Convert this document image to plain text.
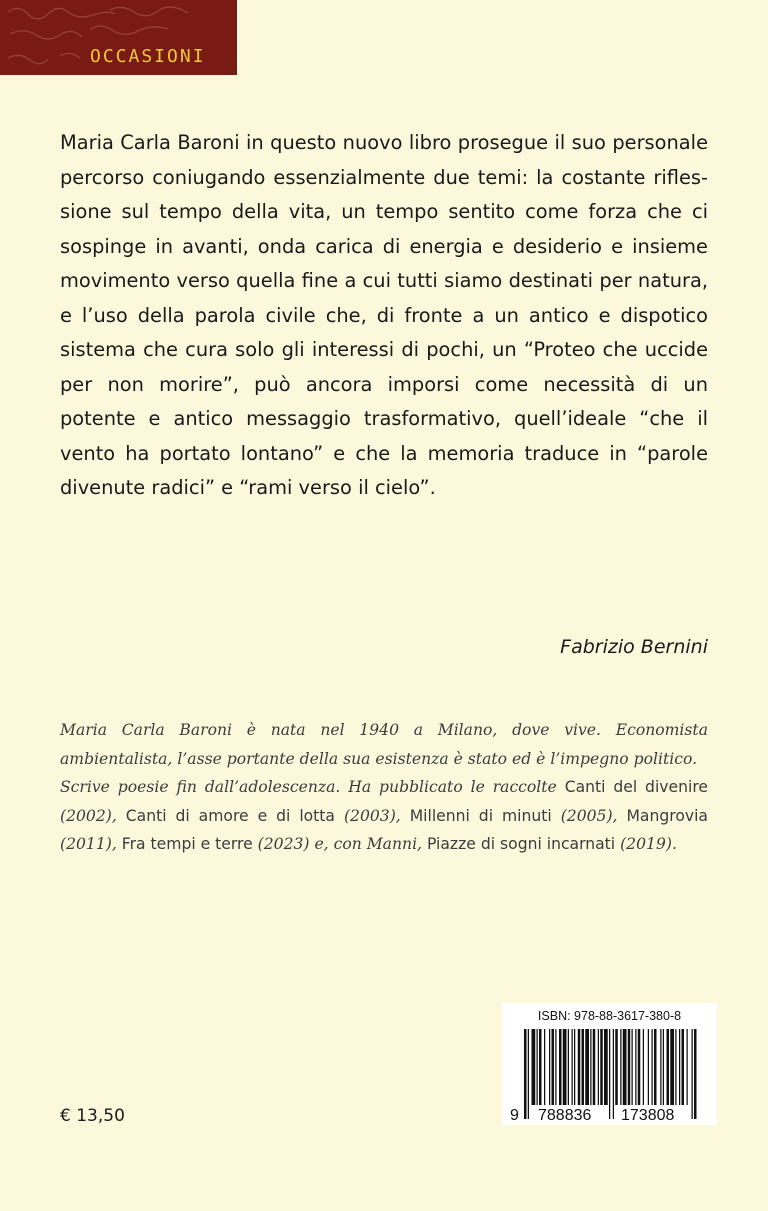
OCCASIONI

Maria Carla Baroni in questo nuovo libro prosegue il suo personale percorso coniugando essenzialmente due temi: la costante rifles-sione sul tempo della vita, un tempo sentito come forza che ci sospinge in avanti, onda carica di energia e desiderio e insieme movimento verso quella fine a cui tutti siamo destinati per natura, e l’uso della parola civile che, di fronte a un antico e dispotico sistema che cura solo gli interessi di pochi, un “Proteo che uccide per non morire”, può ancora imporsi come necessità di un potente e antico messaggio trasformativo, quell’ideale “che il vento ha portato lontano” e che la memoria traduce in “parole divenute radici” e “rami verso il cielo”.

Fabrizio Bernini

Maria Carla Baroni è nata nel 1940 a Milano, dove vive. Economista ambientalista, l’asse portante della sua esistenza è stato ed è l’impegno politico.
Scrive poesie fin dall’adolescenza. Ha pubblicato le raccolte Canti del divenire (2002), Canti di amore e di lotta (2003), Millenni di minuti (2005), Mangrovia (2011), Fra tempi e terre (2023) e, con Manni, Piazze di sogni incarnati (2019).

€ 13,50

ISBN: 978-88-3617-380-8
9 788836 173808
